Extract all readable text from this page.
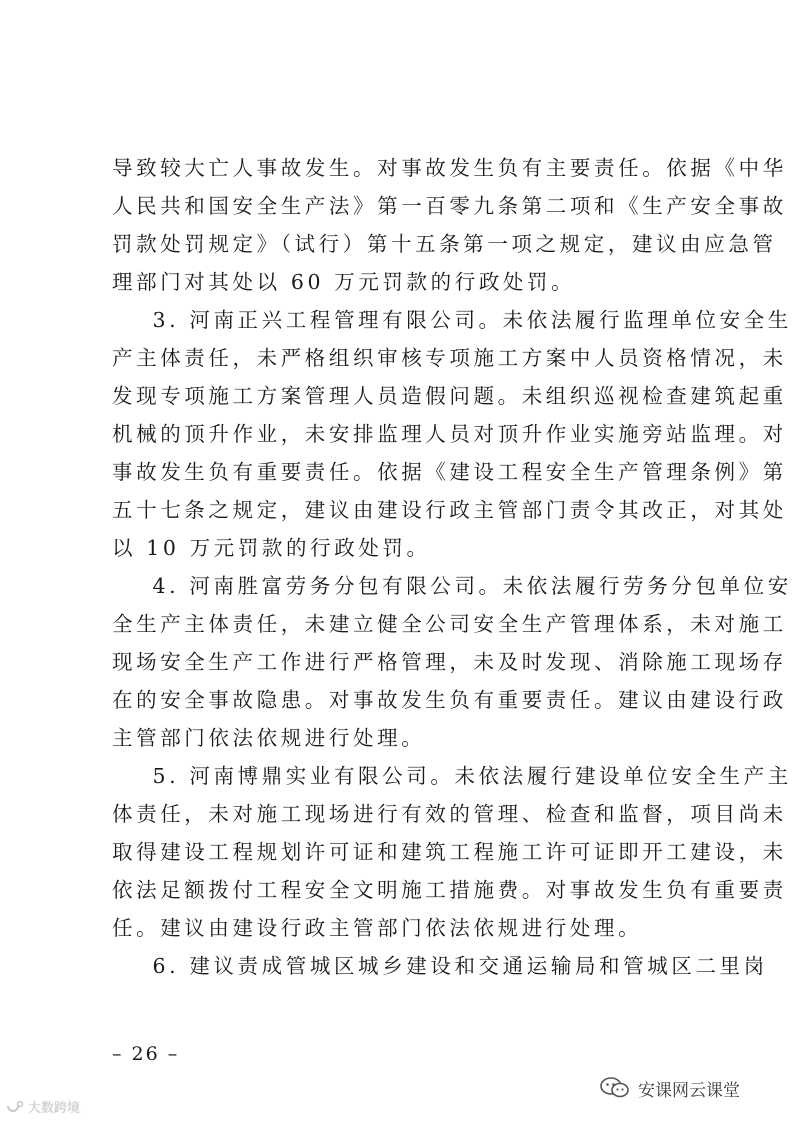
导致较大亡人事故发生。对事故发生负有主要责任。依据《中华
人民共和国安全生产法》第一百零九条第二项和《生产安全事故
罚款处罚规定》（试行）第十五条第一项之规定，建议由应急管
理部门对其处以 60 万元罚款的行政处罚。
3. 河南正兴工程管理有限公司。未依法履行监理单位安全生
产主体责任，未严格组织审核专项施工方案中人员资格情况，未
发现专项施工方案管理人员造假问题。未组织巡视检查建筑起重
机械的顶升作业，未安排监理人员对顶升作业实施旁站监理。对
事故发生负有重要责任。依据《建设工程安全生产管理条例》第
五十七条之规定，建议由建设行政主管部门责令其改正，对其处
以 10 万元罚款的行政处罚。
4. 河南胜富劳务分包有限公司。未依法履行劳务分包单位安
全生产主体责任，未建立健全公司安全生产管理体系，未对施工
现场安全生产工作进行严格管理，未及时发现、消除施工现场存
在的安全事故隐患。对事故发生负有重要责任。建议由建设行政
主管部门依法依规进行处理。
5. 河南博鼎实业有限公司。未依法履行建设单位安全生产主
体责任，未对施工现场进行有效的管理、检查和监督，项目尚未
取得建设工程规划许可证和建筑工程施工许可证即开工建设，未
依法足额拨付工程安全文明施工措施费。对事故发生负有重要责
任。建议由建设行政主管部门依法依规进行处理。
6. 建议责成管城区城乡建设和交通运输局和管城区二里岗
– 26 –
安课网云课堂
大数跨境
